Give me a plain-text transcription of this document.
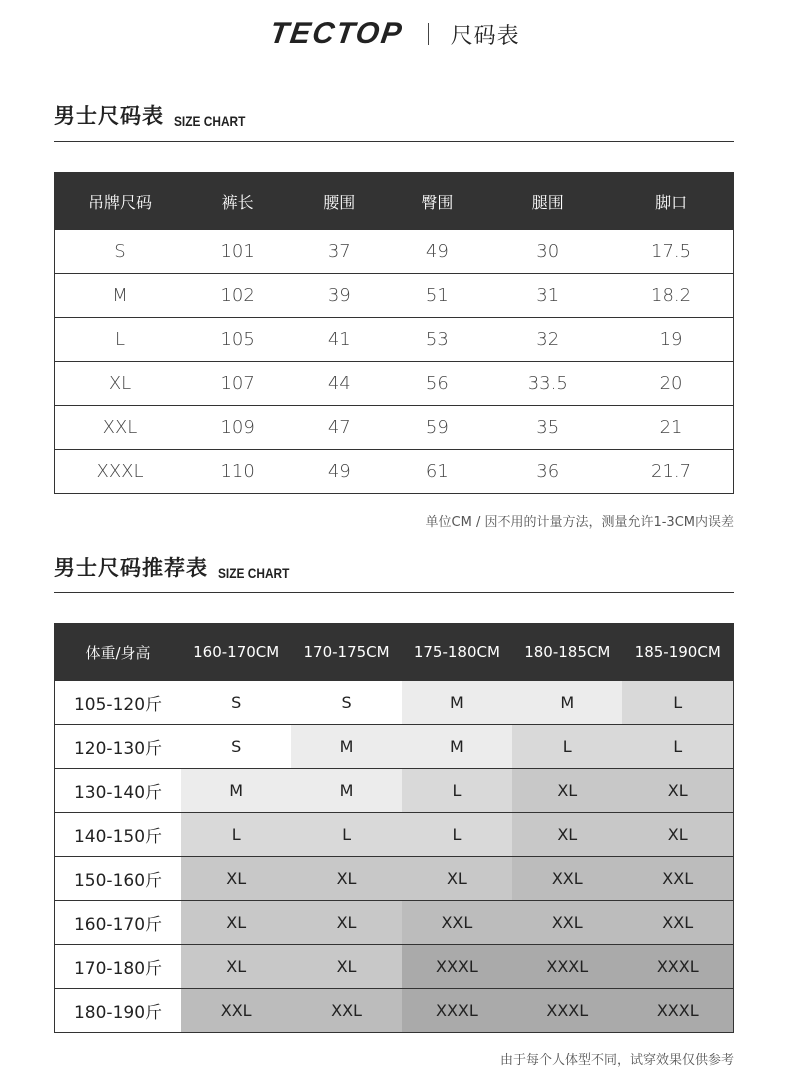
TECTOP 尺码表
男士尺码表 SIZE CHART
吊牌尺码	裤长	腰围	臀围	腿围	脚口
S	101	37	49	30	17.5
M	102	39	51	31	18.2
L	105	41	53	32	19
XL	107	44	56	33.5	20
XXL	109	47	59	35	21
XXXL	110	49	61	36	21.7
单位CM / 因不用的计量方法，测量允许1-3CM内误差
男士尺码推荐表 SIZE CHART
体重/身高	160-170CM	170-175CM	175-180CM	180-185CM	185-190CM
105-120斤	S	S	M	M	L
120-130斤	S	M	M	L	L
130-140斤	M	M	L	XL	XL
140-150斤	L	L	L	XL	XL
150-160斤	XL	XL	XL	XXL	XXL
160-170斤	XL	XL	XXL	XXL	XXL
170-180斤	XL	XL	XXXL	XXXL	XXXL
180-190斤	XXL	XXL	XXXL	XXXL	XXXL
由于每个人体型不同，试穿效果仅供参考
